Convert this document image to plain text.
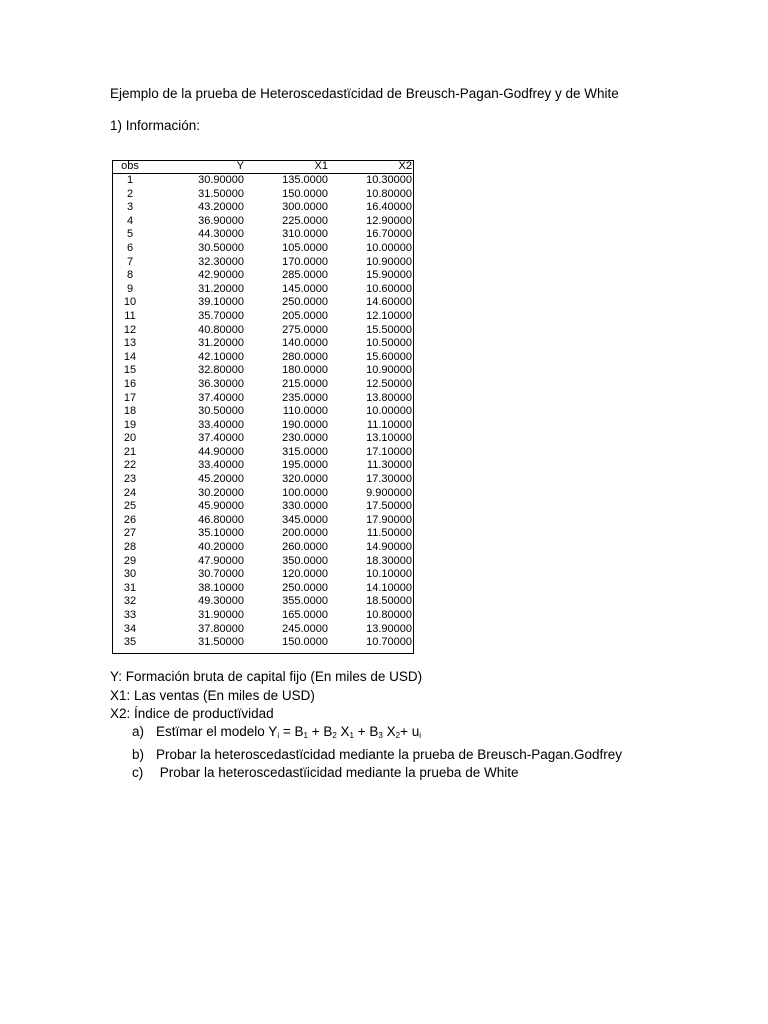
Ejemplo de la prueba de Heteroscedastïcidad de Breusch-Pagan-Godfrey y de White
1) Información:
obs	Y	X1	X2
1	30.90000	135.0000	10.30000
2	31.50000	150.0000	10.80000
3	43.20000	300.0000	16.40000
4	36.90000	225.0000	12.90000
5	44.30000	310.0000	16.70000
6	30.50000	105.0000	10.00000
7	32.30000	170.0000	10.90000
8	42.90000	285.0000	15.90000
9	31.20000	145.0000	10.60000
10	39.10000	250.0000	14.60000
11	35.70000	205.0000	12.10000
12	40.80000	275.0000	15.50000
13	31.20000	140.0000	10.50000
14	42.10000	280.0000	15.60000
15	32.80000	180.0000	10.90000
16	36.30000	215.0000	12.50000
17	37.40000	235.0000	13.80000
18	30.50000	110.0000	10.00000
19	33.40000	190.0000	11.10000
20	37.40000	230.0000	13.10000
21	44.90000	315.0000	17.10000
22	33.40000	195.0000	11.30000
23	45.20000	320.0000	17.30000
24	30.20000	100.0000	9.900000
25	45.90000	330.0000	17.50000
26	46.80000	345.0000	17.90000
27	35.10000	200.0000	11.50000
28	40.20000	260.0000	14.90000
29	47.90000	350.0000	18.30000
30	30.70000	120.0000	10.10000
31	38.10000	250.0000	14.10000
32	49.30000	355.0000	18.50000
33	31.90000	165.0000	10.80000
34	37.80000	245.0000	13.90000
35	31.50000	150.0000	10.70000
Y: Formación bruta de capital fijo (En miles de USD)
X1: Las ventas (En miles de USD)
X2: Índice de productïvidad
a) Estïmar el modelo $Y_i = B_1 + B_2$ $X_1 + B_3$ $X_2+ u_i$
b) Probar la heteroscedastïcidad mediante la prueba de Breusch-Pagan.Godfrey
c) Probar la heteroscedastïicidad mediante la prueba de White
